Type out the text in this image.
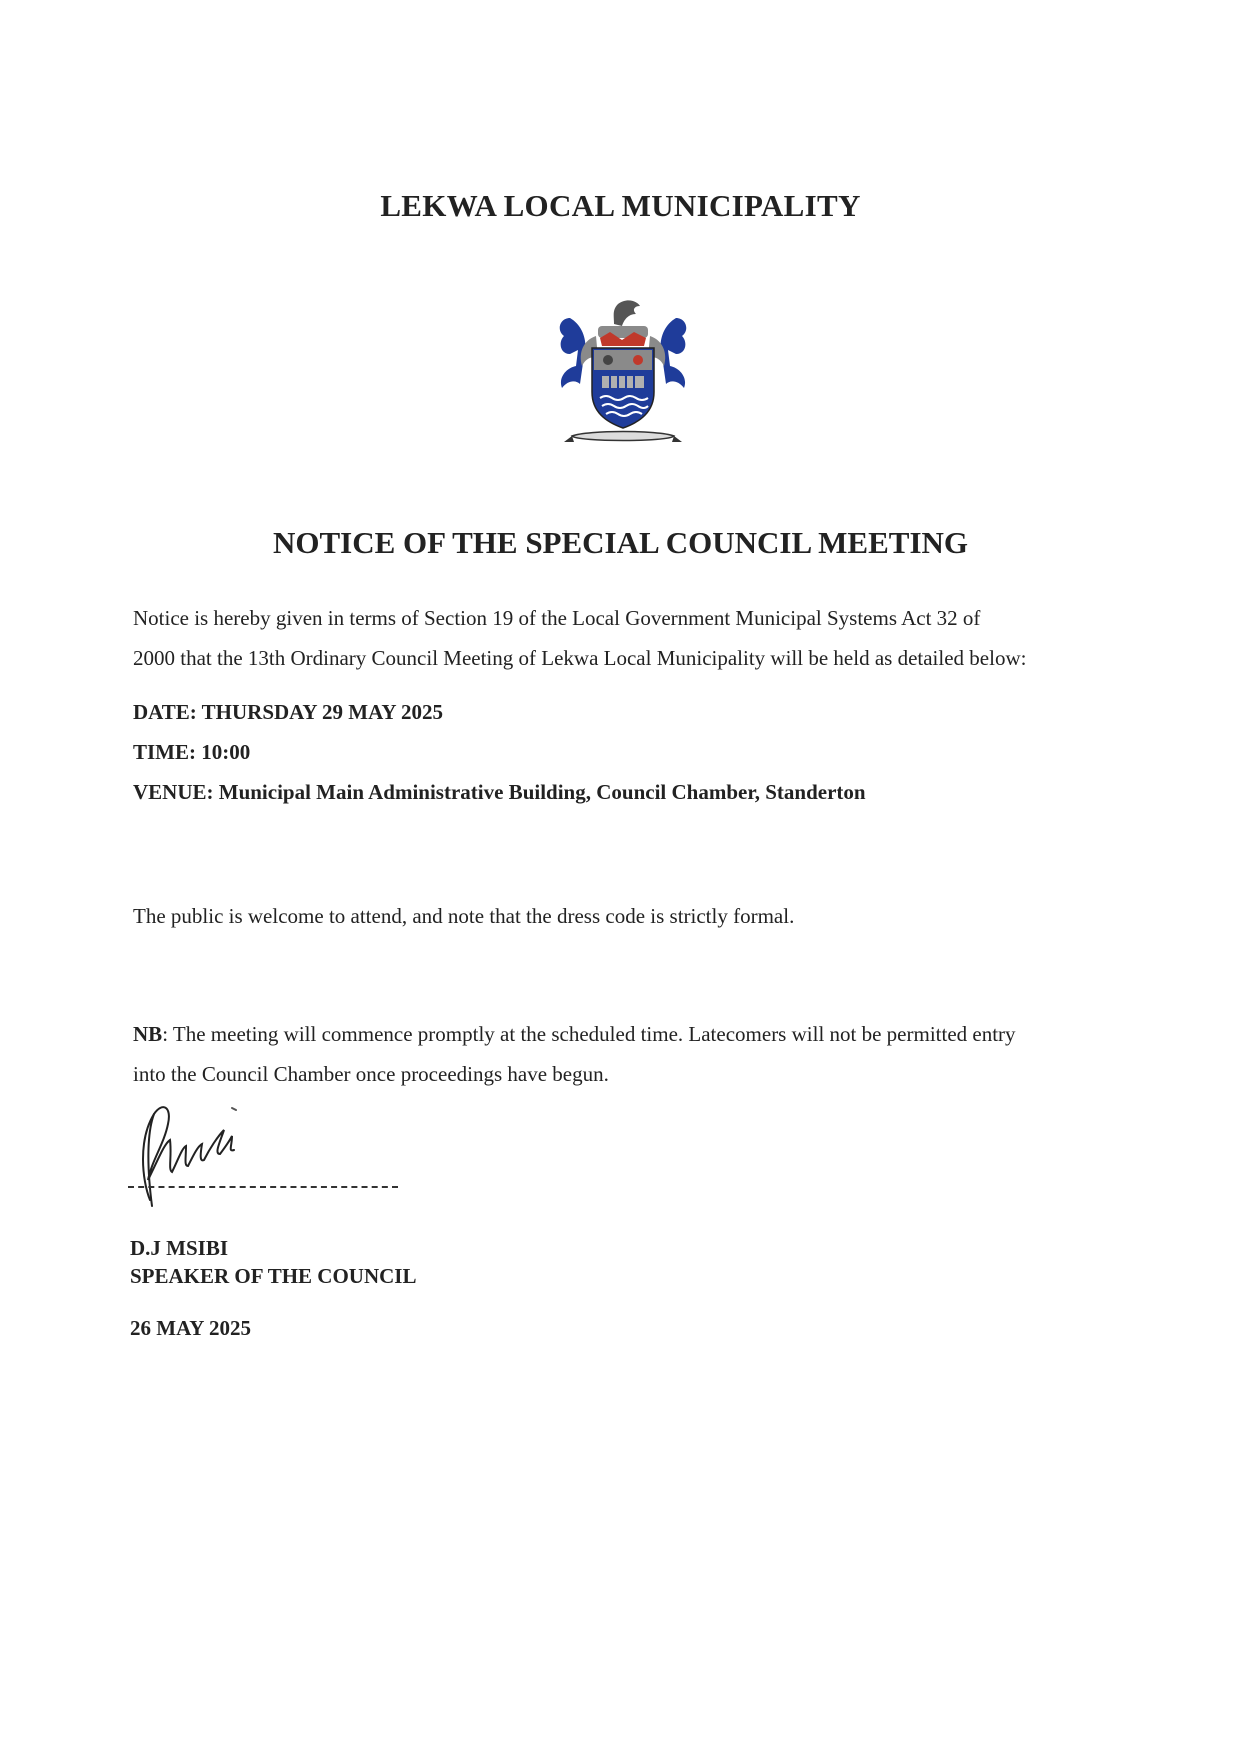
LEKWA LOCAL MUNICIPALITY
NOTICE OF THE SPECIAL COUNCIL MEETING
Notice is hereby given in terms of Section 19 of the Local Government Municipal Systems Act 32 of
2000 that the 13th Ordinary Council Meeting of Lekwa Local Municipality will be held as detailed below:
DATE: THURSDAY 29 MAY 2025
TIME: 10:00
VENUE: Municipal Main Administrative Building, Council Chamber, Standerton
The public is welcome to attend, and note that the dress code is strictly formal.
NB: The meeting will commence promptly at the scheduled time. Latecomers will not be permitted entry
into the Council Chamber once proceedings have begun.
D.J MSIBI
SPEAKER OF THE COUNCIL
26 MAY 2025
